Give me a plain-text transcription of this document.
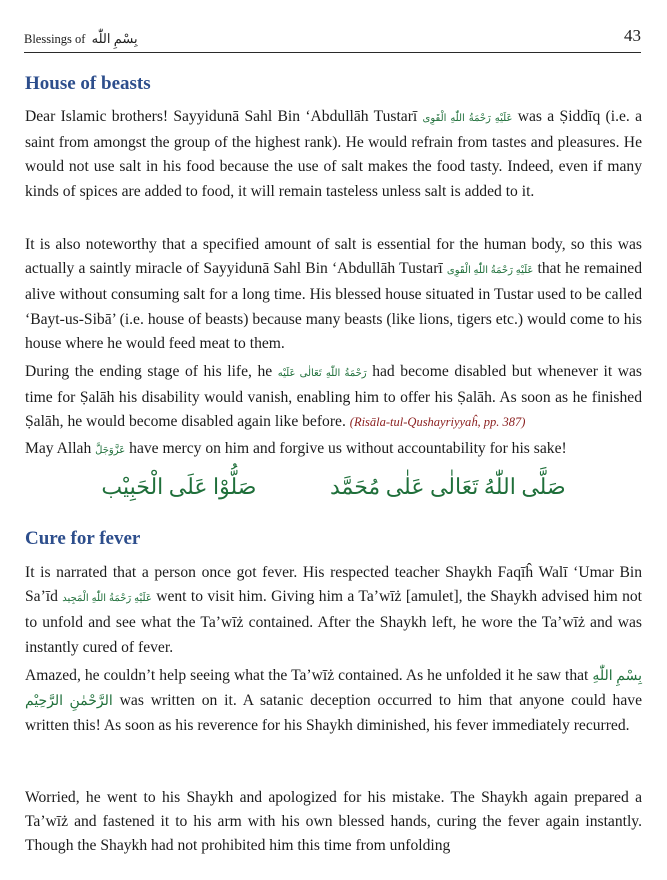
Blessings of بِسْمِ اللّٰه	43
House of beasts

Dear Islamic brothers! Sayyidunā Sahl Bin ‘Abdullāh Tustarī عَلَيْهِ رَحْمَةُ اللّٰهِ الْقَوِى was a Ṣiddīq (i.e. a saint from amongst the group of the highest rank). He would refrain from tastes and pleasures. He would not use salt in his food because the use of salt makes the food tasty. Indeed, even if many kinds of spices are added to food, it will remain tasteless unless salt is added to it.

It is also noteworthy that a specified amount of salt is essential for the human body, so this was actually a saintly miracle of Sayyidunā Sahl Bin ‘Abdullāh Tustarī عَلَيْهِ رَحْمَةُ اللّٰهِ الْقَوِى that he remained alive without consuming salt for a long time. His blessed house situated in Tustar used to be called ‘Bayt-us-Sibā’ (i.e. house of beasts) because many beasts (like lions, tigers etc.) would come to his house where he would feed meat to them.

During the ending stage of his life, he رَحْمَةُ اللّٰهِ تَعَالٰی عَلَيْه had become disabled but whenever it was time for Ṣalāh his disability would vanish, enabling him to offer his Ṣalāh. As soon as he finished Ṣalāh, he would become disabled again like before. (Risāla-tul-Qushayriyyaĥ, pp. 387)

May Allah عَزَّوَجَلَّ have mercy on him and forgive us without accountability for his sake!

صَلَّى اللّٰهُ تَعَالٰى عَلٰى مُحَمَّد صَلُّوْا عَلَى الْحَبِيْب
Cure for fever

It is narrated that a person once got fever. His respected teacher Shaykh Faqīĥ Walī ‘Umar Bin Sa’īd عَلَيْهِ رَحْمَةُ اللّٰهِ الْمَجِيد went to visit him. Giving him a Ta’wīż [amulet], the Shaykh advised him not to unfold and see what the Ta’wīż contained. After the Shaykh left, he wore the Ta’wīż and was instantly cured of fever.

Amazed, he couldn’t help seeing what the Ta’wīż contained. As he unfolded it he saw that بِسْمِ اللّٰهِ الرَّحْمٰنِ الرَّحِيْم was written on it. A satanic deception occurred to him that anyone could have written this! As soon as his reverence for his Shaykh diminished, his fever immediately recurred.

Worried, he went to his Shaykh and apologized for his mistake. The Shaykh again prepared a Ta’wīż and fastened it to his arm with his own blessed hands, curing the fever again instantly. Though the Shaykh had not prohibited him this time from unfolding
